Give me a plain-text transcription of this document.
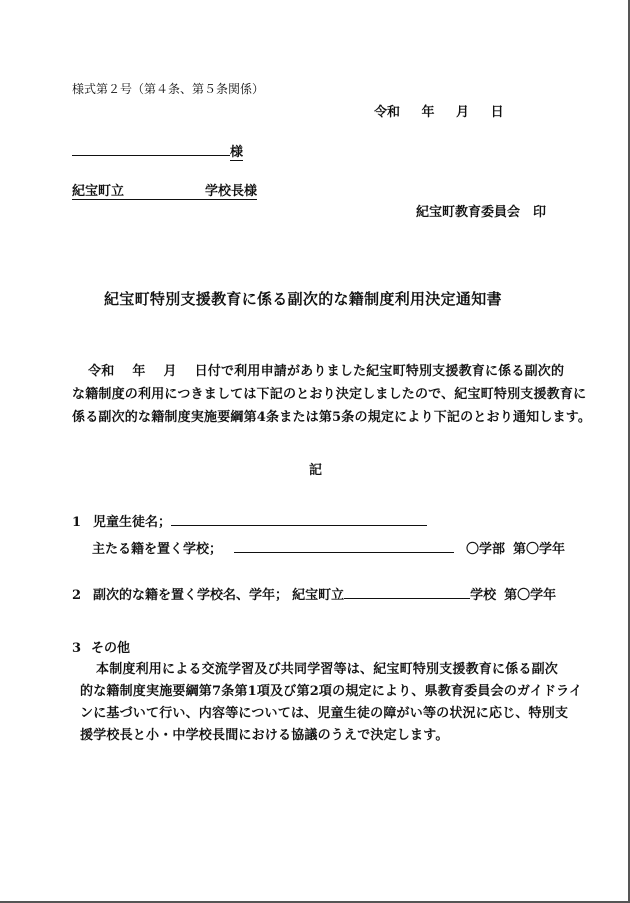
様式第２号（第４条、第５条関係）
令和　 年 　月 　日
様
紀宝町立	学校長様
紀宝町教育委員会　印
紀宝町特別支援教育に係る副次的な籍制度利用決定通知書
令和　 年 　月 　日付で利用申請がありました紀宝町特別支援教育に係る副次的
な籍制度の利用につきましては下記のとおり決定しましたので、紀宝町特別支援教育に
係る副次的な籍制度実施要綱第4条または第5条の規定により下記のとおり通知します。
記
1 児童生徒名；
主たる籍を置く学校；	〇学部 第〇学年
2 副次的な籍を置く学校名、学年； 紀宝町立	学校 第〇学年
3 その他
本制度利用による交流学習及び共同学習等は、紀宝町特別支援教育に係る副次
的な籍制度実施要綱第7条第1項及び第2項の規定により、県教育委員会のガイドライ
ンに基づいて行い、内容等については、児童生徒の障がい等の状況に応じ、特別支
援学校長と小・中学校長間における協議のうえで決定します。
